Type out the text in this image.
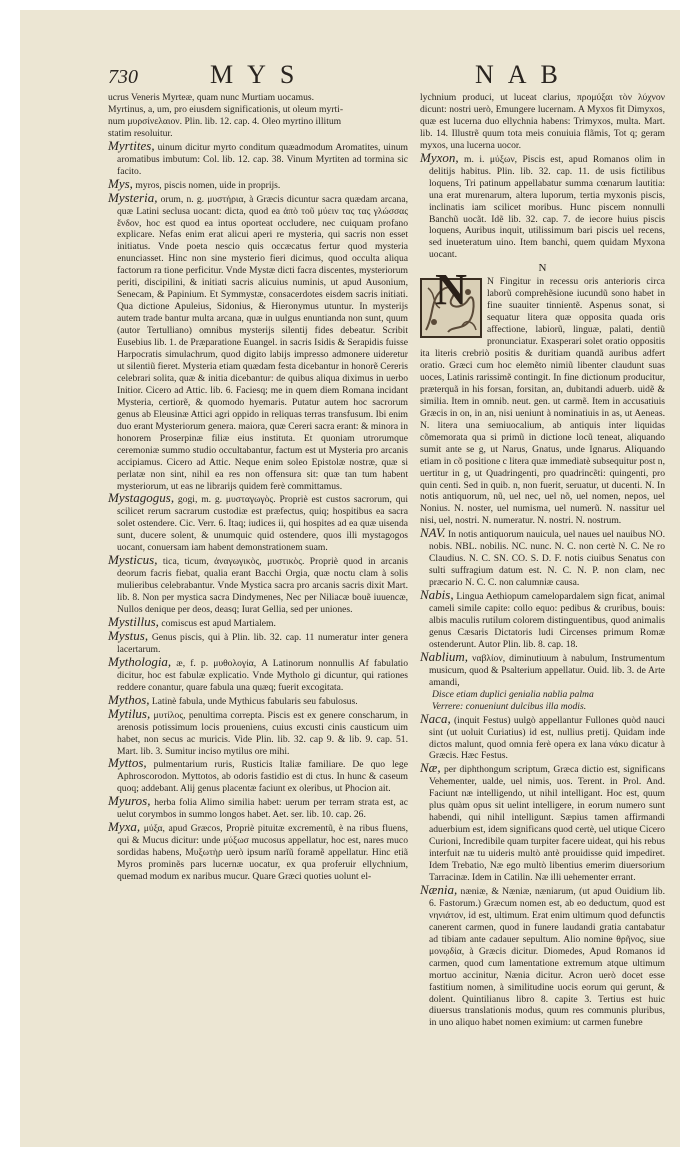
730	MYS	NAB

ucrus Veneris Myrteæ, quam nunc Murtiam uocamus.

Myrtinus, a, um, pro eiusdem significationis, ut oleum myrti-

num μυρσίνελαιον. Plin. lib. 12. cap. 4. Oleo myrtino illitum

statim resoluitur.

Myrtites, uinum dicitur myrto conditum quæadmodum Aromatites, uinum aromatibus imbutum: Col. lib. 12. cap. 38. Vinum Myrtiten ad tormina sic facito.

Mys, myros, piscis nomen, uide in proprijs.

Mysteria, orum, n. g. μυστήρια, à Græcis dicuntur sacra quædam arcana, quæ Latini seclusa uocant: dicta, quod ea ἀπὸ τοῦ μύειν τας τας γλώσσας ἔνδον, hoc est quod ea intus oporteat occludere, nec cuiquam profano explicare. Nefas enim erat alicui aperi re mysteria, qui sacris non esset initiatus. Vnde poeta nescio quis occæcatus fertur quod mysteria enunciasset. Hinc non sine mysterio fieri dicimus, quod occulta aliqua factorum ra tione perficitur. Vnde Mystæ dicti facra discentes, mysteriorum periti, discipilini, & initiati sacris alicuius numinis, ut apud Ausonium, Senecam, & Papinium. Et Symmystæ, consacerdotes eisdem sacris initiati. Qua dictione Apuleius, Sidonius, & Hieronymus utuntur. In mysterijs autem trade bantur multa arcana, quæ in uulgus enuntianda non sunt, quum (autor Tertulliano) omnibus mysterijs silentij fides debeatur. Scribit Eusebius lib. 1. de Præparatione Euangel. in sacris Isidis & Serapidis fuisse Harpocratis simulachrum, quod digito labijs impresso admonere uideretur ut silentiũ fieret. Mysteria etiam quædam festa dicebantur in honorẽ Cereris celebrari solita, quæ & initia dicebantur: de quibus aliqua diximus in uerbo Initior. Cicero ad Attic. lib. 6. Faciesq; me in quem diem Romana incidant Mysteria, certiorẽ, & quomodo hyemaris. Putatur autem hoc sacrorum genus ab Eleusinæ Attici agri oppido in reliquas terras transfusum. Ibi enim duo erant Mysteriorum genera. maiora, quæ Cereri sacra erant: & minora in honorem Proserpinæ filiæ eius instituta. Et quoniam utrorumque ceremoniæ summo studio occultabantur, factum est ut Mysteria pro arcanis accipiamus. Cicero ad Attic. Neque enim soleo Epistolæ nostræ, quæ si perlatæ non sint, nihil ea res non offensura sit: quæ tan tum habent mysteriorum, ut eas ne librarijs quidem ferè committamus.

Mystagogus, gogi, m. g. μυσταγωγὸς. Propriè est custos sacrorum, qui scilicet rerum sacrarum custodiæ est præfectus, quiq; hospitibus ea sacra solet ostendere. Cic. Verr. 6. Itaq; iudices ii, qui hospites ad ea quæ uisenda sunt, ducere solent, & unumquic quid ostendere, quos illi mystagogos uocant, conuersam iam habent demonstrationem suam.

Mysticus, tica, ticum, ἀναγωγικὸς, μυστικὸς. Propriè quod in arcanis deorum facris fiebat, qualia erant Bacchi Orgia, quæ noctu clam à solis mulieribus celebrabantur. Vnde Mystica sacra pro arcanis sacris dixit Mart. lib. 8. Non per mystica sacra Dindymenes, Nec per Niliacæ bouẽ iuuencæ, Nullos denique per deos, deasq; Iurat Gellia, sed per uniones.

Mystillus, comiscus est apud Martialem.

Mystus, Genus piscis, qui à Plin. lib. 32. cap. 11 numeratur inter genera lacertarum.

Mythologia, æ, f. p. μυθολογία, A Latinorum nonnullis Af fabulatio dicitur, hoc est fabulæ explicatio. Vnde Mytholo gi dicuntur, qui rationes reddere conantur, quare fabula una quæq; fuerit excogitata.

Mythos, Latinè fabula, unde Mythicus fabularis seu fabulosus.

Mytilus, μυτίλος, penultima correpta. Piscis est ex genere conscharum, in arenosis potissimum locis prouenìens, cuius excusti cinis causticum uim habet, non secus ac muricis. Vide Plin. lib. 32. cap 9. & lib. 9. cap. 51. Mart. lib. 3. Sumitur inciso mytilus ore mihi.

Myttos, pulmentarium ruris, Rusticis Italiæ familiare. De quo lege Aphroscorodon. Myttotos, ab odoris fastidio est di ctus. In hunc & caseum quoq; addebant. Alij genus placentæ faciunt ex oleribus, ut Phocion ait.

Myuros, herba folia Alimo similia habet: uerum per terram strata est, ac uelut corymbos in summo longos habet. Aet. ser. lib. 10. cap. 26.

Myxa, μύξα, apud Græcos, Propriè pituitæ excrementũ, è na ribus fluens, qui & Mucus dicitur: unde μύξωσ mucosus appellatur, hoc est, nares muco sordidas habens, Μυξωτὴρ uerò ipsum narĭũ foramẽ appellatur. Hinc etiã Myros prominẽs pars lucernæ uocatur, ex qua proferuir ellychnium, quemad modum ex naribus mucur. Quare Græci quoties uolunt el-

lychnium produci, ut luceat clarius, προμύξαι τὸν λύχνον dicunt: nostri uerò, Emungere lucernam. A Myxos fit Dimyxos, quæ est lucerna duo ellychnia habens: Trimyxos, multa. Mart. lib. 14. Illustrẽ quum tota meis conuiuia flãmis, Tot q; geram myxos, una lucerna uocor.

Myxon, m. i. μύξων, Piscis est, apud Romanos olim in delitijs habitus. Plin. lib. 32. cap. 11. de usis fictilibus loquens, Tri patinum appellabatur summa cœnarum lautitia: una erat murenarum, altera luporum, tertia myxonis piscis, inclinatis iam scilicet moribus. Hunc piscem nonnulli Banchũ uocãt. Idẽ lib. 32. cap. 7. de iecore huius piscis loquens, Auribus inquit, utilissimum bari piscis uel recens, sed inueteratum uino. Item banchi, quem quidam Myxona uocant.

N
N	N Fingitur in recessu oris anterioris circa laborũ comprehẽsione iucundũ sono habet in fine suauiter tinnientẽ. Aspenus sonat, si sequatur litera quæ opposita quada oris affectione, labiorũ, linguæ, palati, dentiũ pronunciatur. Exasperari solet oratio oppositis ita literis crebriò positis & duritiam quandã auribus adfert oratio. Græci cum hoc elemẽto nimiũ libenter claudunt suas uoces, Latinis rarissimẽ contingit. In fine dictionum producitur, præterquã in his forsan, forsitan, an, dubitandi aduerb. uidẽ & similia. Item in omnib. neut. gen. ut carmẽ. Item in accusatiuis Græcis in on, in an, nisi ueniunt à nominatiuis in as, ut Aeneas. N. litera una semiuocalium, ab antiquis inter liquidas cõmemorata qua si primũ in dictione locũ teneat, aliquando sumit ante se g, ut Narus, Gnatus, unde Ignarus. Aliquando etiam in cõ positione c litera quæ immediatè subsequitur post n, uertitur in g, ut Quadringenti, pro quadrincẽti: quingenti, pro quin centi. Sed in quib. n, non fuerit, seruatur, ut ducenti. N. In notis antiquorum, nũ, uel nec, uel nõ, uel nomen, nepos, uel Nonius. N. noster, uel numisma, uel numerũ. N. nassitur uel nisi, uel, nostri. N. numeratur. N. nostri. N. nostrum.

NAV. In notis antiquorum nauicula, uel naues uel nauibus NO. nobis. NBL. nobilis. NC. nunc. N. C. non certè N. C. Ne ro Claudius. N. C. SN. CO. S. D. F. notis ciuibus Senatus con sulti suffragium datum est. N. C. N. P. non clam, nec præcario N. C. C. non calumniæ causa.

Nabis, Lingua Aethiopum camelopardalem sign ficat, animal cameli simile capite: collo equo: pedibus & cruribus, bouis: albis maculis rutilum colorem distinguentibus, quod animalis genus Cæsaris Dictatoris ludi Circenses primum Romæ ostenderunt. Autor Plin. lib. 8. cap. 18.

Nablium, ναβλίον, diminutiuum à nabulum, Instrumentum musicum, quod & Psalterium appellatur. Ouid. lib. 3. de Arte amandi,

Disce etiam duplici genialia nablia palma

Verrere: conueniunt dulcibus illa modis.

Naca, (inquit Festus) uulgò appellantur Fullones quòd nauci sint (ut uoluit Curiatius) id est, nullius pretij. Quidam inde dictos malunt, quod omnia ferè opera ex lana νάκυ dicatur à Græcis. Hæc Festus.

Næ, per diphthongum scriptum, Græca dictio est, significans Vehementer, ualde, uel nimis, uos. Terent. in Prol. And. Faciunt næ intelligendo, ut nihil intelligant. Hoc est, quum plus quàm opus sit uelint intelligere, in eorum numero sunt habendi, qui nihil intelligunt. Sæpius tamen affirmandi aduerbium est, idem significans quod certè, uel utique Cicero Curioni, Incredibile quam turpiter facere uideat, qui his rebus interfuit næ tu uideris multò antè prouidisse quid impediret. Idem Trebatio, Næ ego multò libentius emerim diuersorium Tarracinæ. Idem in Catilin. Næ illi uehementer errant.

Nænia, næniæ, & Næniæ, næniarum, (ut apud Ouidium lib. 6. Fastorum.) Græcum nomen est, ab eo deductum, quod est νηνιάτον, id est, ultimum. Erat enim ultimum quod defunctis canerent carmen, quod in funere laudandi gratia cantabatur ad tibiam ante cadauer sepultum. Alio nomine θρῆνος, siue μονῳδία, à Græcis dicitur. Diomedes, Apud Romanos id carmen, quod cum lamentatione extremum atque ultimum mortuo accinitur, Nænia dicitur. Acron uerò docet esse fastitium nomen, à similitudine uocis eorum qui gerunt, & dolent. Quintilianus libro 8. capite 3. Tertius est huic diuersus translationis modus, quum res communis pluribus, in uno aliquo habet nomen eximium: ut carmen funebre
